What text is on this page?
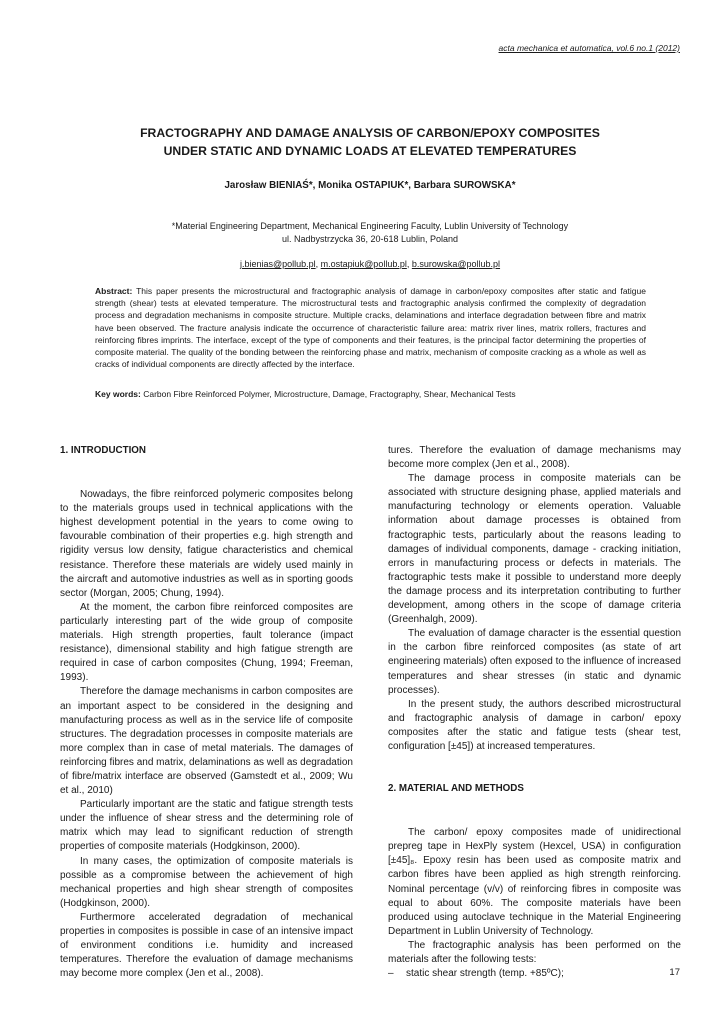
acta mechanica et automatica, vol.6 no.1 (2012)
FRACTOGRAPHY AND DAMAGE ANALYSIS OF CARBON/EPOXY COMPOSITES
UNDER STATIC AND DYNAMIC LOADS AT ELEVATED TEMPERATURES
Jarosław BIENIAŚ*, Monika OSTAPIUK*, Barbara SUROWSKA*
*Material Engineering Department, Mechanical Engineering Faculty, Lublin University of Technology
ul. Nadbystrzycka 36, 20-618 Lublin, Poland
j.bienias@pollub.pl, m.ostapiuk@pollub.pl, b.surowska@pollub.pl
Abstract: This paper presents the microstructural and fractographic analysis of damage in carbon/epoxy composites after static and fatigue strength (shear) tests at elevated temperature. The microstructural tests and fractographic analysis confirmed the complexity of degradation process and degradation mechanisms in composite structure. Multiple cracks, delaminations and interface degradation between fibre and matrix have been observed. The fracture analysis indicate the occurrence of characteristic failure area: matrix river lines, matrix rollers, fractures and reinforcing fibres imprints. The interface, except of the type of components and their features, is the principal factor determining the properties of composite material. The quality of the bonding between the reinforcing phase and matrix, mechanism of composite cracking as a whole as well as cracks of individual components are directly affected by the interface.
Key words: Carbon Fibre Reinforced Polymer, Microstructure, Damage, Fractography, Shear, Mechanical Tests

1. INTRODUCTION

Nowadays, the fibre reinforced polymeric composites belong to the materials groups used in technical applications with the highest development potential in the years to come owing to favourable combination of their properties e.g. high strength and rigidity versus low density, fatigue characteristics and chemical resistance. Therefore these materials are widely used mainly in the aircraft and automotive industries as well as in sporting goods sector (Morgan, 2005; Chung, 1994).

At the moment, the carbon fibre reinforced composites are particularly interesting part of the wide group of composite materials. High strength properties, fault tolerance (impact resistance), dimensional stability and high fatigue strength are required in case of carbon composites (Chung, 1994; Freeman, 1993).

Therefore the damage mechanisms in carbon composites are an important aspect to be considered in the designing and manufacturing process as well as in the service life of composite structures. The degradation processes in composite materials are more complex than in case of metal materials. The damages of reinforcing fibres and matrix, delaminations as well as degradation of fibre/matrix interface are observed (Gamstedt et al., 2009; Wu et al., 2010)

Particularly important are the static and fatigue strength tests under the influence of shear stress and the determining role of matrix which may lead to significant reduction of strength properties of composite materials (Hodgkinson, 2000).

In many cases, the optimization of composite materials is possible as a compromise between the achievement of high mechanical properties and high shear strength of composites (Hodgkinson, 2000).

Furthermore accelerated degradation of mechanical properties in composites is possible in case of an intensive impact of environment conditions i.e. humidity and increased temperatures. Therefore the evaluation of damage mechanisms may become more complex (Jen et al., 2008).

tures. Therefore the evaluation of damage mechanisms may become more complex (Jen et al., 2008).

The damage process in composite materials can be associated with structure designing phase, applied materials and manufacturing technology or elements operation. Valuable information about damage processes is obtained from fractographic tests, particularly about the reasons leading to damages of individual components, damage - cracking initiation, errors in manufacturing process or defects in materials. The fractographic tests make it possible to understand more deeply the damage process and its interpretation contributing to further development, among others in the scope of damage criteria (Greenhalgh, 2009).

The evaluation of damage character is the essential question in the carbon fibre reinforced composites (as state of art engineering materials) often exposed to the influence of increased temperatures and shear stresses (in static and dynamic processes).

In the present study, the authors described microstructural and fractographic analysis of damage in carbon/ epoxy composites after the static and fatigue tests (shear test, configuration [±45]) at increased temperatures.

2. MATERIAL AND METHODS

The carbon/ epoxy composites made of unidirectional prepreg tape in HexPly system (Hexcel, USA) in configuration [±45]₈. Epoxy resin has been used as composite matrix and carbon fibres have been applied as high strength reinforcing. Nominal percentage (v/v) of reinforcing fibres in composite was equal to about 60%. The composite materials have been produced using autoclave technique in the Material Engineering Department in Lublin University of Technology.

The fractographic analysis has been performed on the materials after the following tests:

– static shear strength (temp. +85ºC);	17
